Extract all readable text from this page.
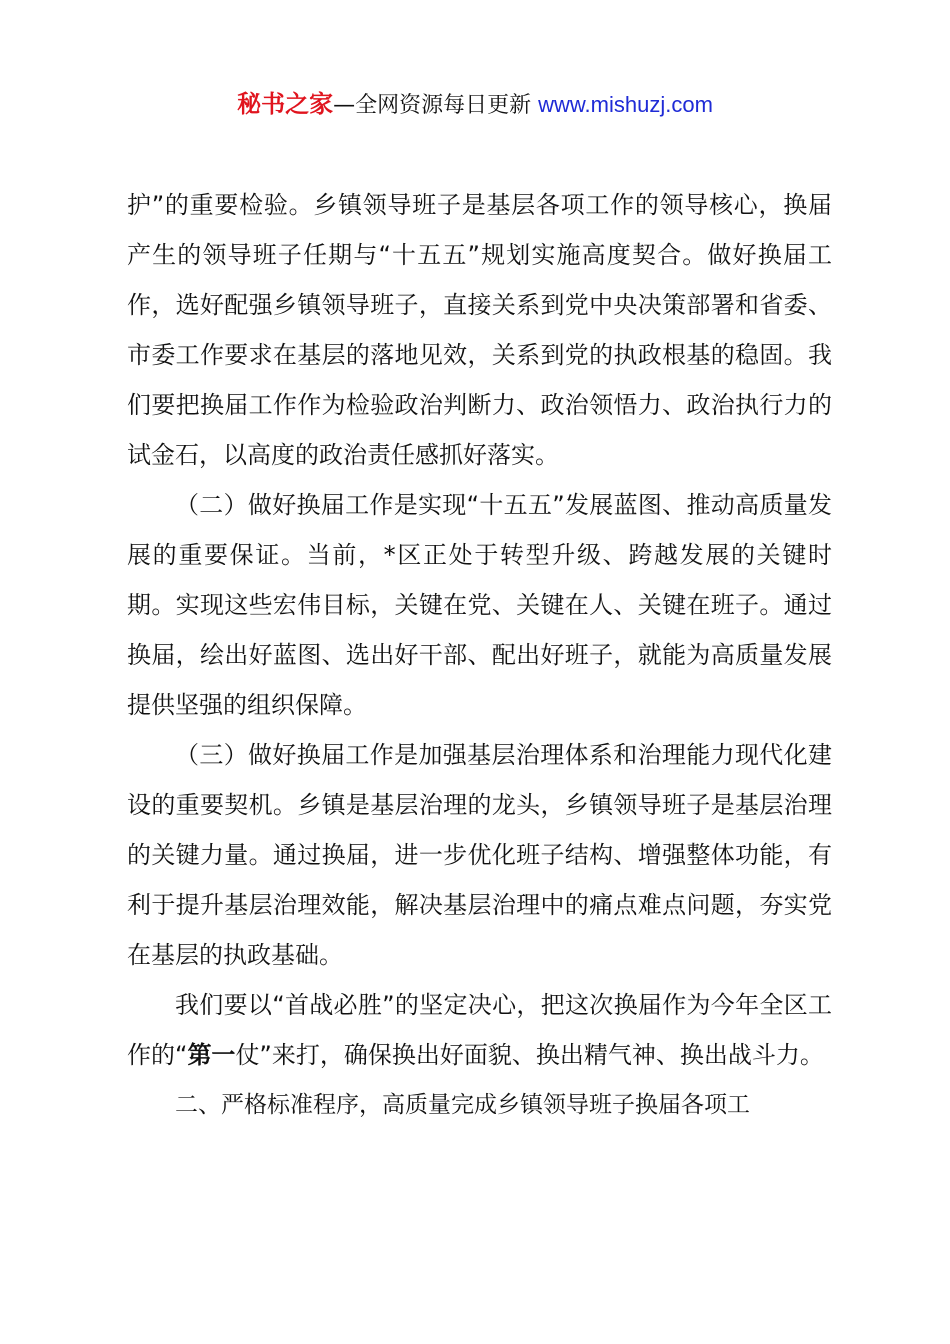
秘书之家—全网资源每日更新 www.mishuzj.com

护”的重要检验。乡镇领导班子是基层各项工作的领导核心，换届产生的领导班子任期与“十五五”规划实施高度契合。做好换届工作，选好配强乡镇领导班子，直接关系到党中央决策部署和省委、市委工作要求在基层的落地见效，关系到党的执政根基的稳固。我们要把换届工作作为检验政治判断力、政治领悟力、政治执行力的试金石，以高度的政治责任感抓好落实。

（二）做好换届工作是实现“十五五”发展蓝图、推动高质量发展的重要保证。当前，*区正处于转型升级、跨越发展的关键时期。实现这些宏伟目标，关键在党、关键在人、关键在班子。通过换届，绘出好蓝图、选出好干部、配出好班子，就能为高质量发展提供坚强的组织保障。

（三）做好换届工作是加强基层治理体系和治理能力现代化建设的重要契机。乡镇是基层治理的龙头，乡镇领导班子是基层治理的关键力量。通过换届，进一步优化班子结构、增强整体功能，有利于提升基层治理效能，解决基层治理中的痛点难点问题，夯实党在基层的执政基础。

我们要以“首战必胜”的坚定决心，把这次换届作为今年全区工作的“第一仗”来打，确保换出好面貌、换出精气神、换出战斗力。

二、严格标准程序，高质量完成乡镇领导班子换届各项工
